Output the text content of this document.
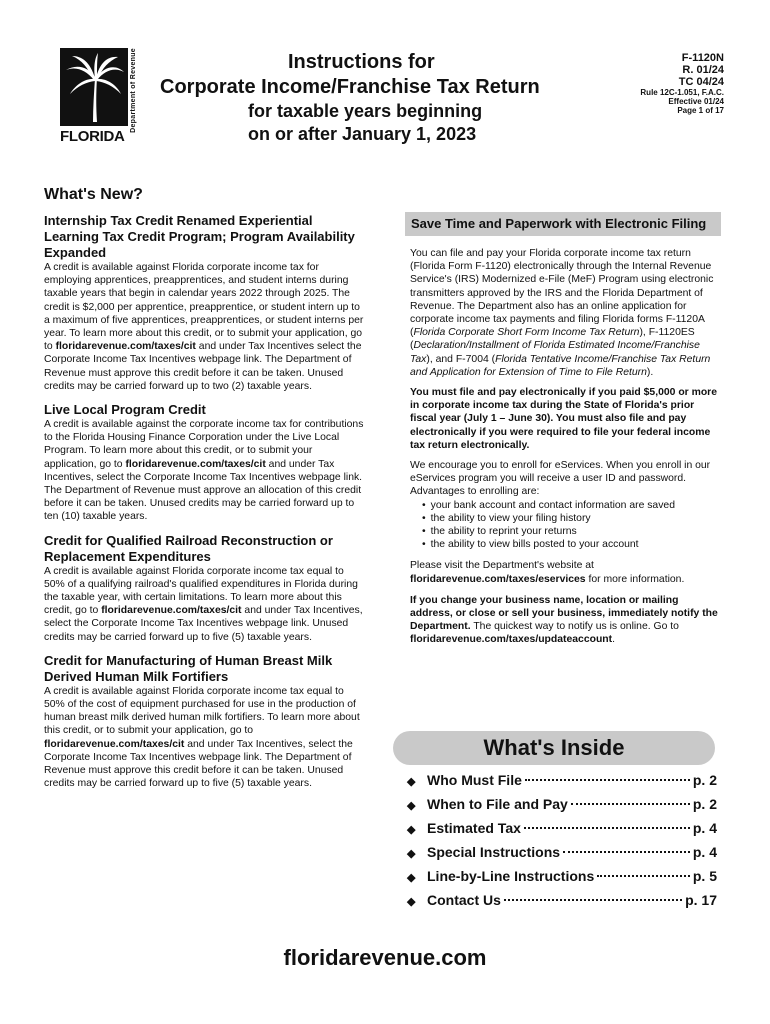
Department of Revenue
FLORIDA
Instructions for
Corporate Income/Franchise Tax Return
for taxable years beginning
on or after January 1, 2023
F-1120N
R. 01/24
TC 04/24
Rule 12C-1.051, F.A.C.
Effective 01/24
Page 1 of 17
What's New?
Internship Tax Credit Renamed Experiential Learning Tax Credit Program; Program Availability Expanded

A credit is available against Florida corporate income tax for employing apprentices, preapprentices, and student interns during taxable years that begin in calendar years 2022 through 2025. The credit is $2,000 per apprentice, preapprentice, or student intern up to a maximum of five apprentices, preapprentices, or student interns per year. To learn more about this credit, or to submit your application, go to floridarevenue.com/taxes/cit and under Tax Incentives select the Corporate Income Tax Incentives webpage link. The Department of Revenue must approve this credit before it can be taken. Unused credits may be carried forward up to two (2) taxable years.

Live Local Program Credit

A credit is available against the corporate income tax for contributions to the Florida Housing Finance Corporation under the Live Local Program. To learn more about this credit, or to submit your application, go to floridarevenue.com/taxes/cit and under Tax Incentives, select the Corporate Income Tax Incentives webpage link. The Department of Revenue must approve an allocation of this credit before it can be taken. Unused credits may be carried forward up to ten (10) taxable years.

Credit for Qualified Railroad Reconstruction or Replacement Expenditures

A credit is available against Florida corporate income tax equal to 50% of a qualifying railroad's qualified expenditures in Florida during the taxable year, with certain limitations. To learn more about this credit, go to floridarevenue.com/taxes/cit and under Tax Incentives, select the Corporate Income Tax Incentives webpage link. Unused credits may be carried forward up to five (5) taxable years.

Credit for Manufacturing of Human Breast Milk Derived Human Milk Fortifiers

A credit is available against Florida corporate income tax equal to 50% of the cost of equipment purchased for use in the production of human breast milk derived human milk fortifiers. To learn more about this credit, or to submit your application, go to floridarevenue.com/taxes/cit and under Tax Incentives, select the Corporate Income Tax Incentives webpage link. The Department of Revenue must approve this credit before it can be taken. Unused credits may be carried forward up to five (5) taxable years.

Save Time and Paperwork with Electronic Filing

You can file and pay your Florida corporate income tax return (Florida Form F-1120) electronically through the Internal Revenue Service's (IRS) Modernized e-File (MeF) Program using electronic transmitters approved by the IRS and the Florida Department of Revenue. The Department also has an online application for corporate income tax payments and filing Florida forms F-1120A (Florida Corporate Short Form Income Tax Return), F-1120ES (Declaration/Installment of Florida Estimated Income/Franchise Tax), and F-7004 (Florida Tentative Income/Franchise Tax Return and Application for Extension of Time to File Return).

You must file and pay electronically if you paid $5,000 or more in corporate income tax during the State of Florida's prior fiscal year (July 1 – June 30). You must also file and pay electronically if you were required to file your federal income tax return electronically.

We encourage you to enroll for eServices. When you enroll in our eServices program you will receive a user ID and password. Advantages to enrolling are:

• your bank account and contact information are saved
• the ability to view your filing history
• the ability to reprint your returns
• the ability to view bills posted to your account

Please visit the Department's website at floridarevenue.com/taxes/eservices for more information.

If you change your business name, location or mailing address, or close or sell your business, immediately notify the Department. The quickest way to notify us is online. Go to floridarevenue.com/taxes/updateaccount.

What's Inside
◆ Who Must File	p. 2
◆ When to File and Pay	p. 2
◆ Estimated Tax	p. 4
◆ Special Instructions	p. 4
◆ Line-by-Line Instructions	p. 5
◆ Contact Us	p. 17
floridarevenue.com
